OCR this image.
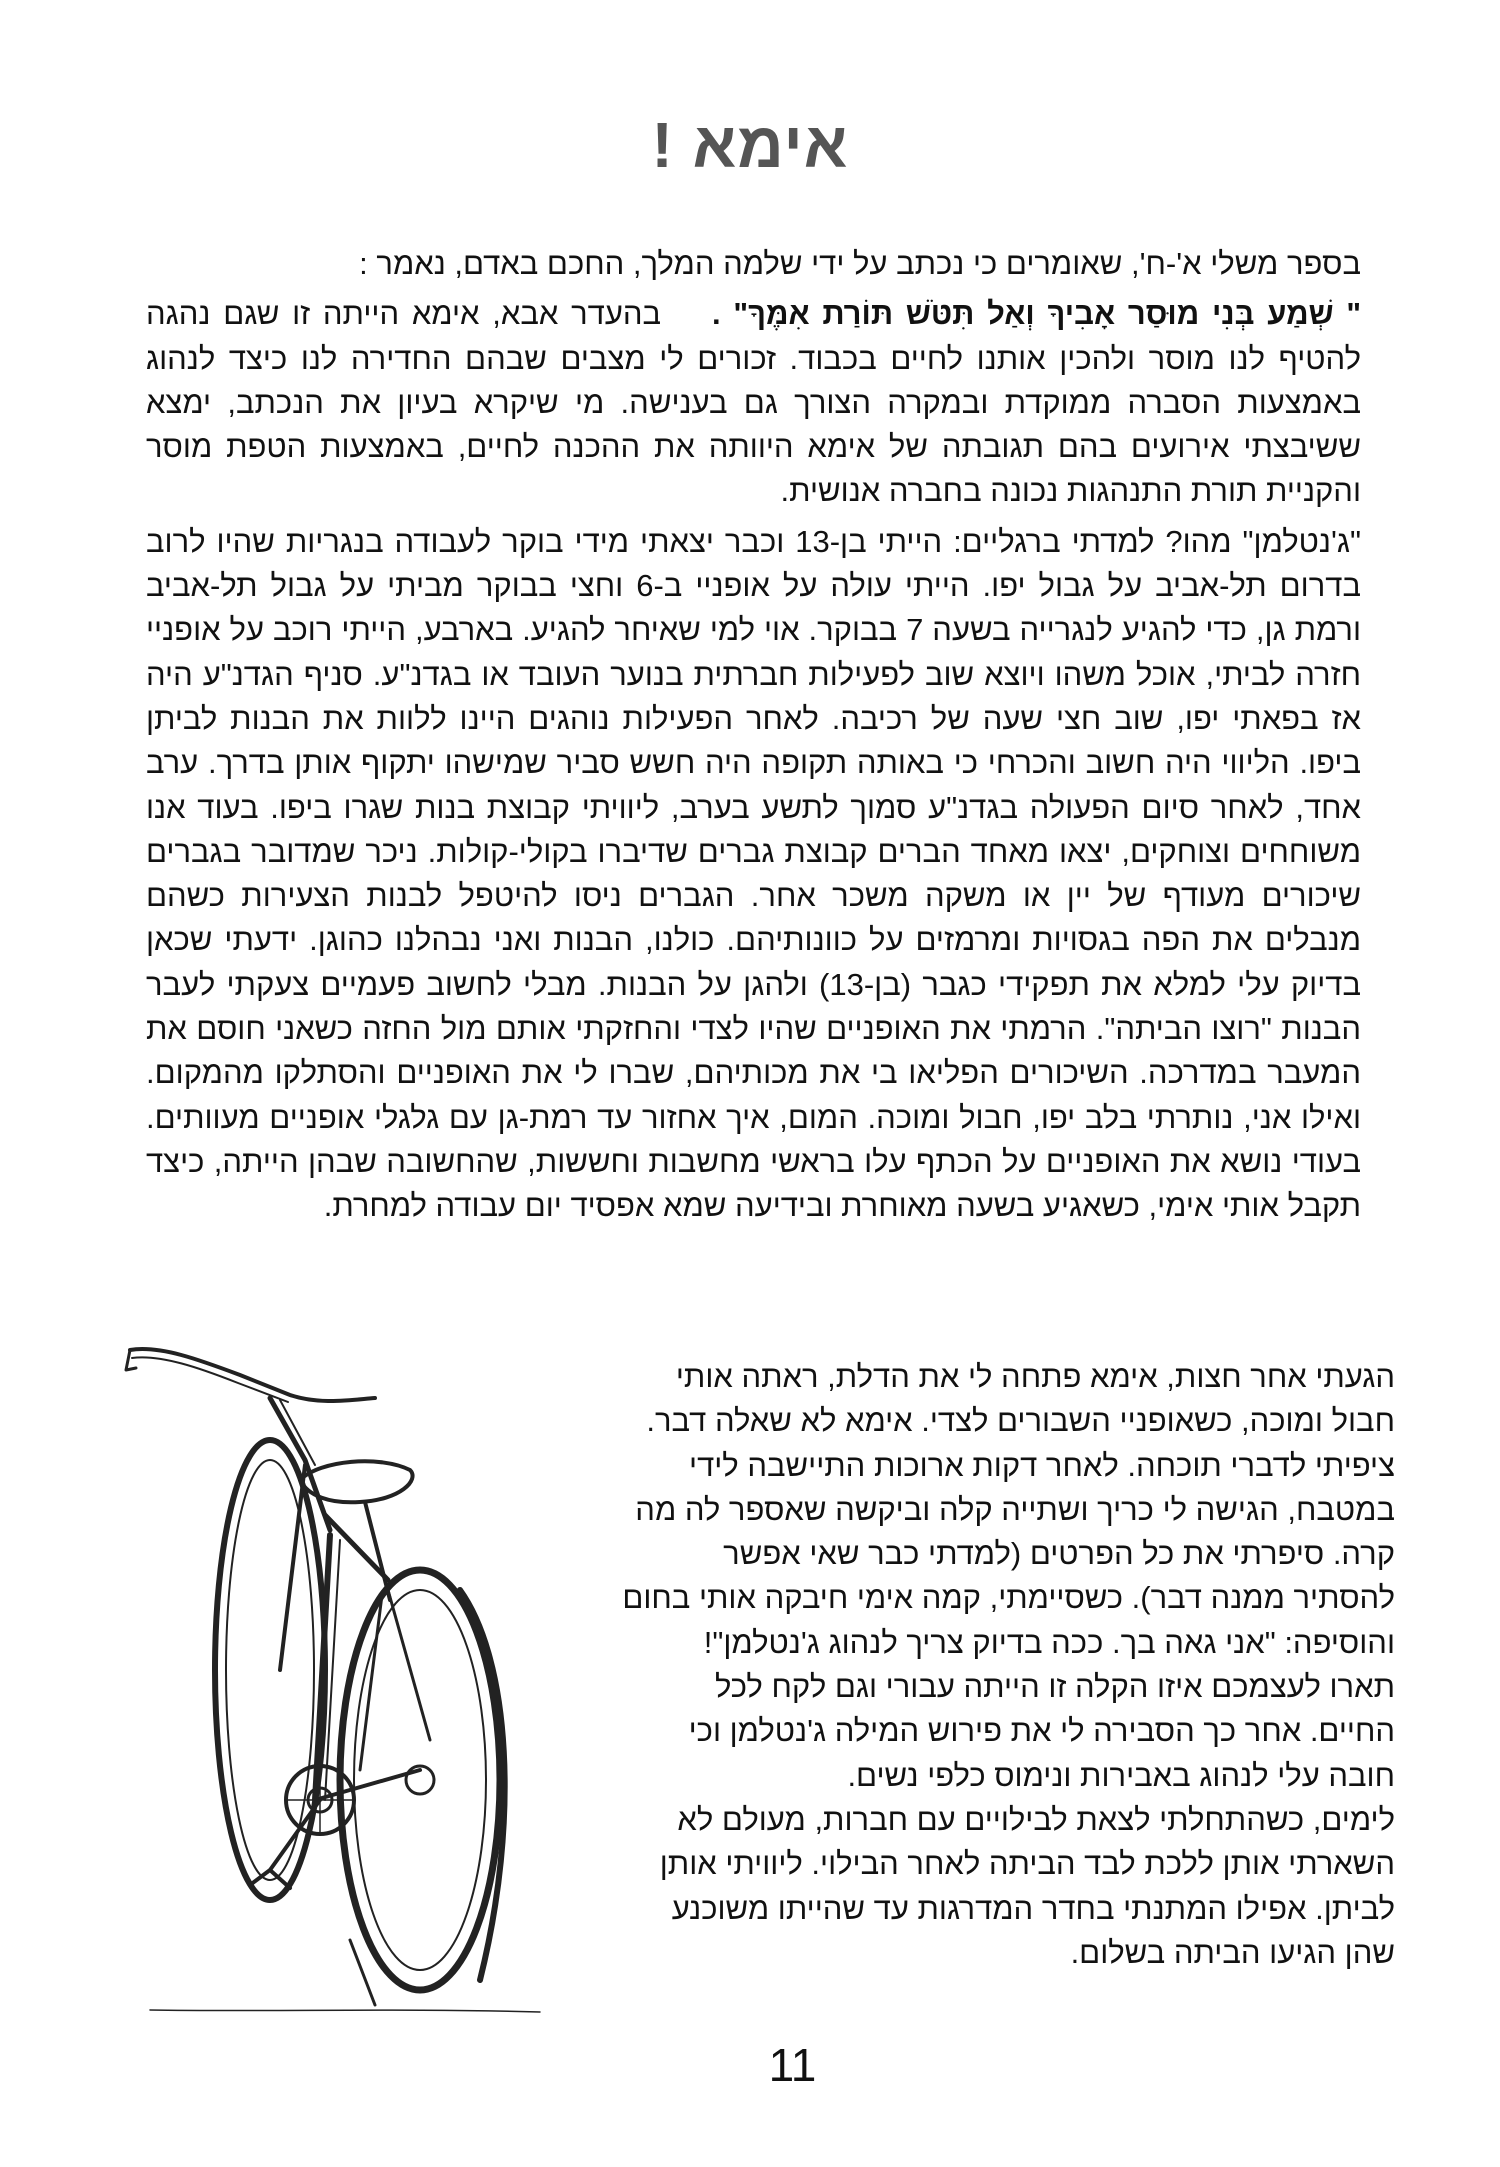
אימא !

בספר משלי א'-ח', שאומרים כי נכתב על ידי שלמה המלך, החכם באדם, נאמר :

" שְׁמַע בְּנִי מוּסַר אָבִיךָ וְאַל תִּטֹּשׁ תּוֹרַת אִמֶּךָ" .    בהעדר אבא, אימא הייתה זו שגם נהגה להטיף לנו מוסר ולהכין אותנו לחיים בכבוד. זכורים לי מצבים שבהם החדירה לנו כיצד לנהוג באמצעות הסברה ממוקדת ובמקרה הצורך גם בענישה. מי שיקרא בעיון את הנכתב, ימצא ששיבצתי אירועים בהם תגובתה של אימא היוותה את ההכנה לחיים, באמצעות הטפת מוסר והקניית תורת התנהגות נכונה בחברה אנושית.

"ג'נטלמן" מהו? למדתי ברגליים: הייתי בן-13 וכבר יצאתי מידי בוקר לעבודה בנגריות שהיו לרוב בדרום תל-אביב על גבול יפו. הייתי עולה על אופניי ב-6 וחצי בבוקר מביתי על גבול תל-אביב ורמת גן, כדי להגיע לנגרייה בשעה 7 בבוקר. אוי למי שאיחר להגיע. בארבע, הייתי רוכב על אופניי חזרה לביתי, אוכל משהו ויוצא שוב לפעילות חברתית בנוער העובד או בגדנ"ע. סניף הגדנ"ע היה אז בפאתי יפו, שוב חצי שעה של רכיבה. לאחר הפעילות נוהגים היינו ללוות את הבנות לביתן ביפו. הליווי היה חשוב והכרחי כי באותה תקופה היה חשש סביר שמישהו יתקוף אותן בדרך. ערב אחד, לאחר סיום הפעולה בגדנ"ע סמוך לתשע בערב, ליוויתי קבוצת בנות שגרו ביפו. בעוד אנו משוחחים וצוחקים, יצאו מאחד הברים קבוצת גברים שדיברו בקולי-קולות. ניכר שמדובר בגברים שיכורים מעודף של יין או משקה משכר אחר. הגברים ניסו להיטפל לבנות הצעירות כשהם מנבלים את הפה בגסויות ומרמזים על כוונותיהם. כולנו, הבנות ואני נבהלנו כהוגן. ידעתי שכאן בדיוק עלי למלא את תפקידי כגבר (בן-13) ולהגן על הבנות. מבלי לחשוב פעמיים צעקתי לעבר הבנות "רוצו הביתה". הרמתי את האופניים שהיו לצדי והחזקתי אותם מול החזה כשאני חוסם את המעבר במדרכה. השיכורים הפליאו בי את מכותיהם, שברו לי את האופניים והסתלקו מהמקום. ואילו אני, נותרתי בלב יפו, חבול ומוכה. המום, איך אחזור עד רמת-גן עם גלגלי אופניים מעוותים. בעודי נושא את האופניים על הכתף עלו בראשי מחשבות וחששות, שהחשובה שבהן הייתה, כיצד תקבל אותי אימי, כשאגיע בשעה מאוחרת ובידיעה שמא אפסיד יום עבודה למחרת.

הגעתי אחר חצות, אימא פתחה לי את הדלת, ראתה אותי

חבול ומוכה, כשאופניי השבורים לצדי. אימא לא שאלה דבר.

ציפיתי לדברי תוכחה. לאחר דקות ארוכות התיישבה לידי

במטבח, הגישה לי כריך ושתייה קלה וביקשה שאספר לה מה

קרה. סיפרתי את כל הפרטים (למדתי כבר שאי אפשר

להסתיר ממנה דבר). כשסיימתי, קמה אימי חיבקה אותי בחום

והוסיפה: "אני גאה בך. ככה בדיוק צריך לנהוג ג'נטלמן"!

תארו לעצמכם איזו הקלה זו הייתה עבורי וגם לקח לכל

החיים. אחר כך הסבירה לי את פירוש המילה ג'נטלמן וכי

חובה עלי לנהוג באבירות ונימוס כלפי נשים.

לימים, כשהתחלתי לצאת לבילויים עם חברות, מעולם לא

השארתי אותן ללכת לבד הביתה לאחר הבילוי. ליוויתי אותן

לביתן. אפילו המתנתי בחדר המדרגות עד שהייתו משוכנע

שהן הגיעו הביתה בשלום.

11
